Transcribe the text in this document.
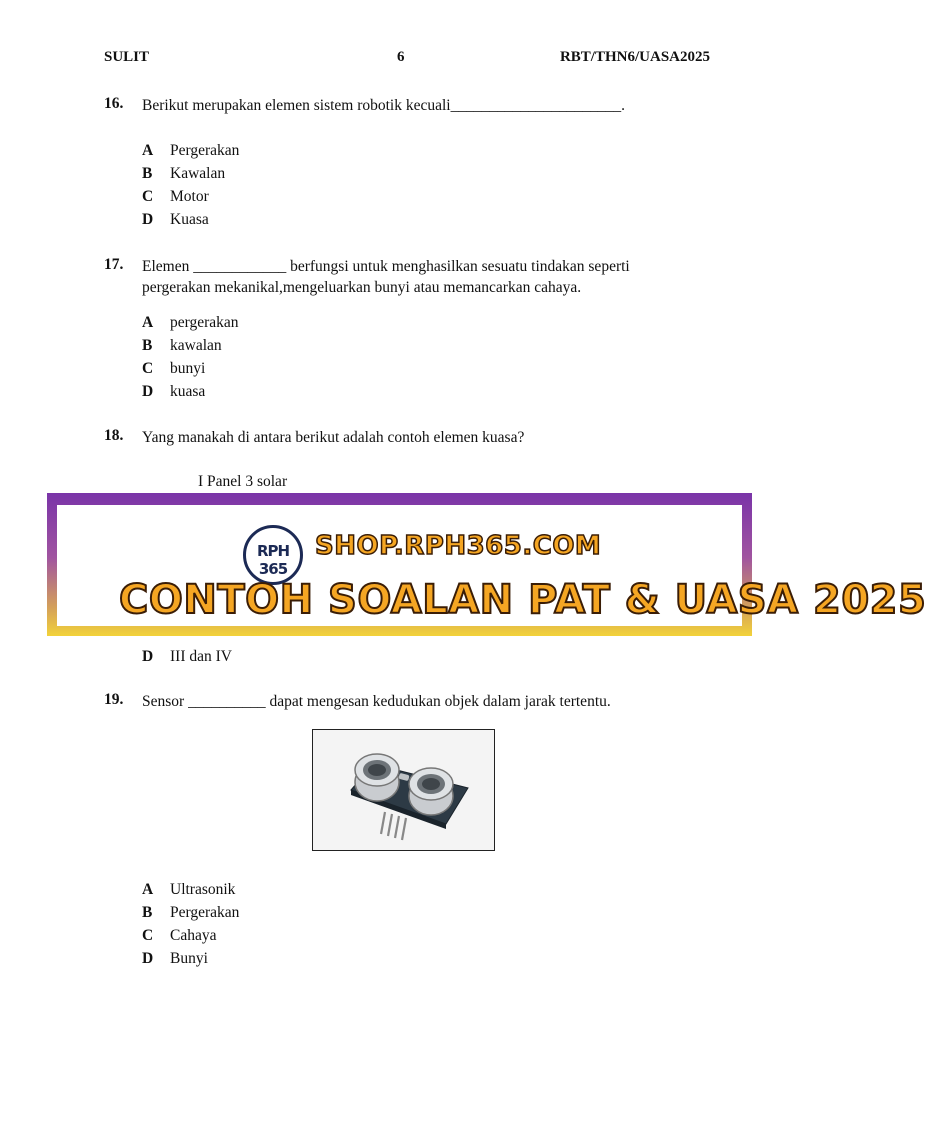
SULIT	6	RBT/THN6/UASA2025
16. Berikut merupakan elemen sistem robotik kecuali______________________.
A Pergerakan
B Kawalan
C Motor
D Kuasa
17. Elemen ____________ berfungsi untuk menghasilkan sesuatu tindakan seperti pergerakan mekanikal,mengeluarkan bunyi atau memancarkan cahaya.
A pergerakan
B kawalan
C bunyi
D kuasa
18. Yang manakah di antara berikut adalah contoh elemen kuasa?
I Panel 3 solar
RPH 365
SHOP.RPH365.COM
CONTOH SOALAN PAT & UASA 2025
D III dan IV
19. Sensor __________ dapat mengesan kedudukan objek dalam jarak tertentu.
A Ultrasonik
B Pergerakan
C Cahaya
D Bunyi
